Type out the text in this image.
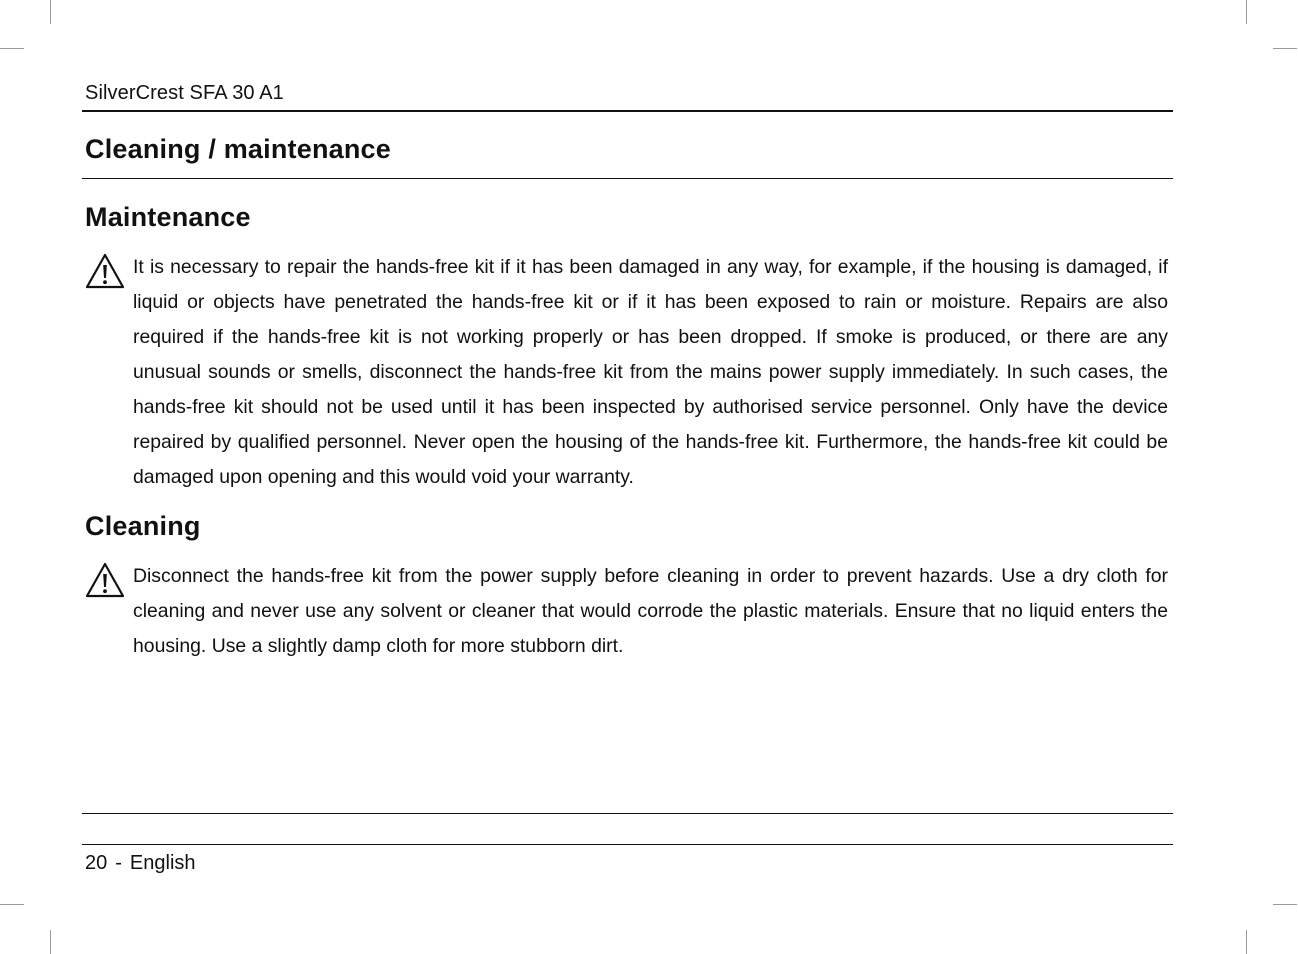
SilverCrest SFA 30 A1
Cleaning / maintenance
Maintenance

It is necessary to repair the hands-free kit if it has been damaged in any way, for example, if the housing is damaged, if liquid or objects have penetrated the hands-free kit or if it has been exposed to rain or moisture. Repairs are also required if the hands-free kit is not working properly or has been dropped. If smoke is produced, or there are any unusual sounds or smells, disconnect the hands-free kit from the mains power supply immediately. In such cases, the hands-free kit should not be used until it has been inspected by authorised service personnel. Only have the device repaired by qualified personnel. Never open the housing of the hands-free kit. Furthermore, the hands-free kit could be damaged upon opening and this would void your warranty.

Cleaning

Disconnect the hands-free kit from the power supply before cleaning in order to prevent hazards. Use a dry cloth for cleaning and never use any solvent or cleaner that would corrode the plastic materials. Ensure that no liquid enters the housing. Use a slightly damp cloth for more stubborn dirt.

20 - English
